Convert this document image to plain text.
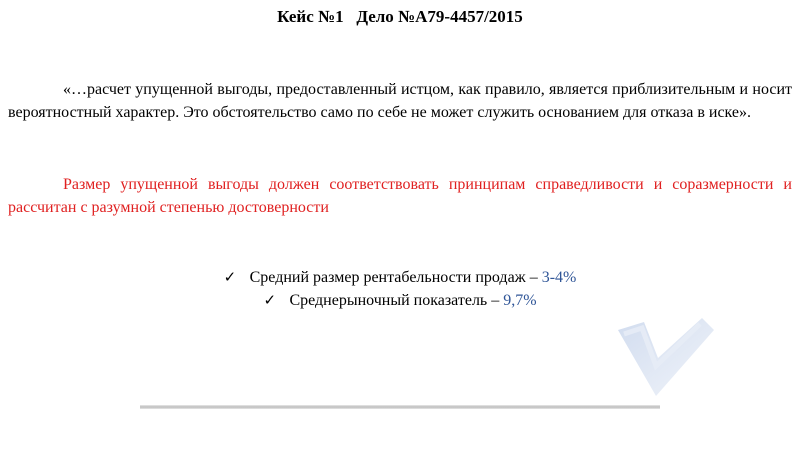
Кейс №1   Дело №А79-4457/2015
«…расчет упущенной выгоды, предоставленный истцом, как правило, является приблизительным и носит вероятностный характер. Это обстоятельство само по себе не может служить основанием для отказа в иске».
Размер упущенной выгоды должен соответствовать принципам справедливости и соразмерности и рассчитан с разумной степенью достоверности
✓ Средний размер рентабельности продаж – 3-4%
✓ Среднерыночный показатель – 9,7%
